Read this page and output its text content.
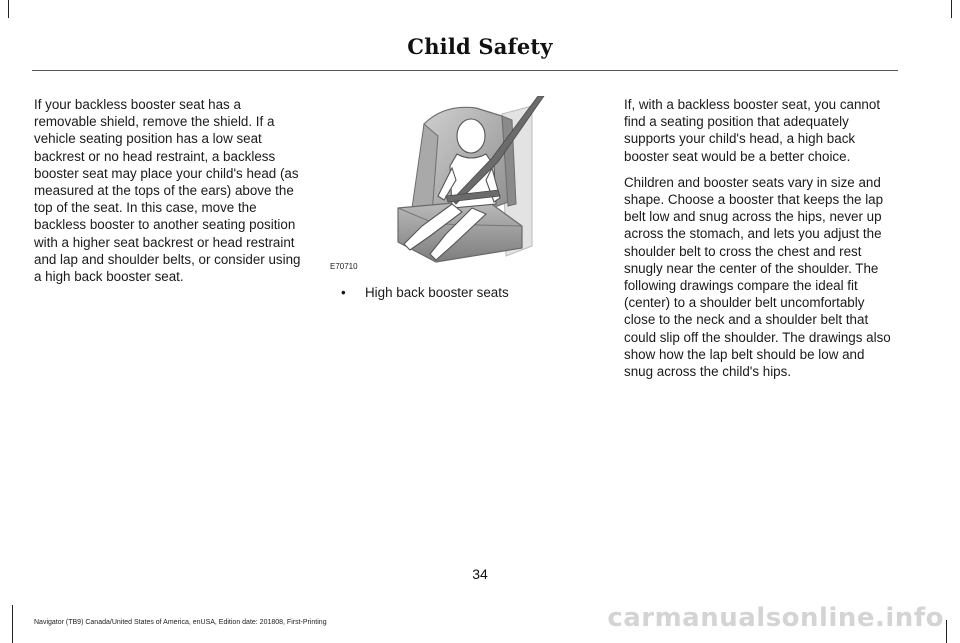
Child Safety

If your backless booster seat has a removable shield, remove the shield. If a vehicle seating position has a low seat backrest or no head restraint, a backless booster seat may place your child's head (as measured at the tops of the ears) above the top of the seat. In this case, move the backless booster to another seating position with a higher seat backrest or head restraint and lap and shoulder belts, or consider using a high back booster seat.

E70710
• High back booster seats

If, with a backless booster seat, you cannot find a seating position that adequately supports your child's head, a high back booster seat would be a better choice.

Children and booster seats vary in size and shape. Choose a booster that keeps the lap belt low and snug across the hips, never up across the stomach, and lets you adjust the shoulder belt to cross the chest and rest snugly near the center of the shoulder. The following drawings compare the ideal fit (center) to a shoulder belt uncomfortably close to the neck and a shoulder belt that could slip off the shoulder. The drawings also show how the lap belt should be low and snug across the child's hips.

34
Navigator (TB9) Canada/United States of America, enUSA, Edition date: 201808, First-Printing	carmanualsonline.info
